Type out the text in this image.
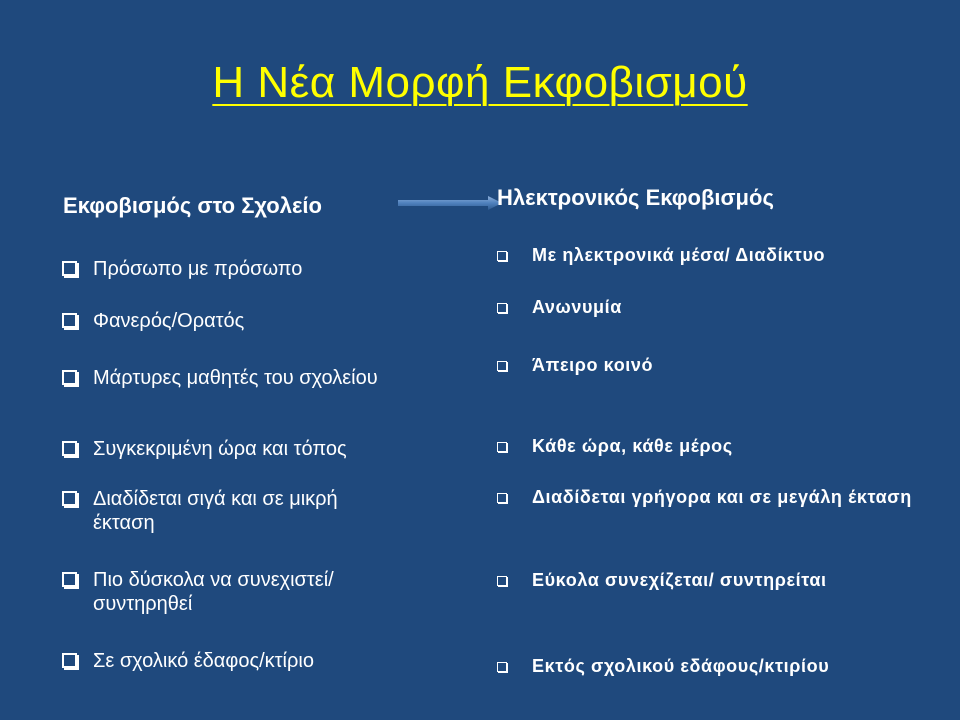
Η Νέα Μορφή Εκφοβισμού
Εκφοβισμός στο Σχολείο	Ηλεκτρονικός Εκφοβισμός
Πρόσωπο με πρόσωπο
Φανερός/Ορατός
Μάρτυρες μαθητές του σχολείου
Συγκεκριμένη ώρα και τόπος
Διαδίδεται σιγά και σε μικρή έκταση
Πιο δύσκολα να συνεχιστεί/ συντηρηθεί
Σε σχολικό έδαφος/κτίριο
Με ηλεκτρονικά μέσα/ Διαδίκτυο
Ανωνυμία
Άπειρο κοινό
Κάθε ώρα, κάθε μέρος
Διαδίδεται γρήγορα και σε μεγάλη έκταση
Εύκολα συνεχίζεται/ συντηρείται
Εκτός σχολικού εδάφους/κτιρίου
